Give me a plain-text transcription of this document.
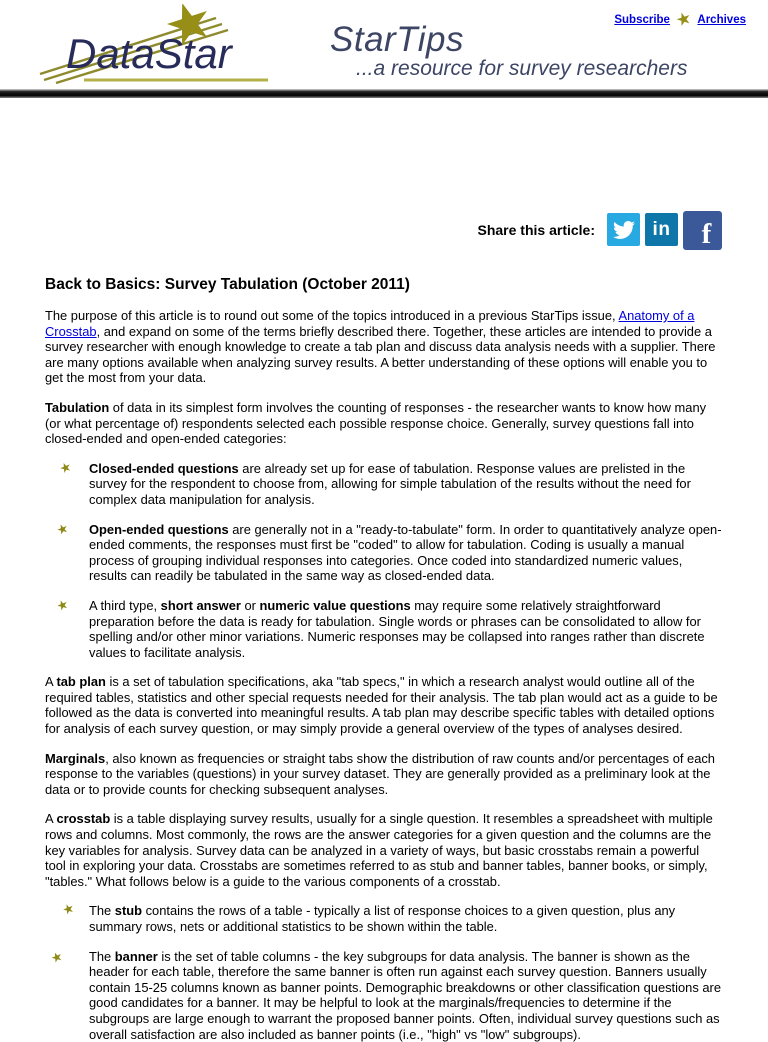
Subscribe ★ Archives
DataStar	StarTips
...a resource for survey researchers
Share this article:	in f
Back to Basics: Survey Tabulation (October 2011)

The purpose of this article is to round out some of the topics introduced in a previous StarTips issue, Anatomy of a Crosstab, and expand on some of the terms briefly described there. Together, these articles are intended to provide a survey researcher with enough knowledge to create a tab plan and discuss data analysis needs with a supplier. There are many options available when analyzing survey results. A better understanding of these options will enable you to get the most from your data.

Tabulation of data in its simplest form involves the counting of responses - the researcher wants to know how many (or what percentage of) respondents selected each possible response choice. Generally, survey questions fall into closed-ended and open-ended categories:

★	Closed-ended questions are already set up for ease of tabulation. Response values are prelisted in the survey for the respondent to choose from, allowing for simple tabulation of the results without the need for complex data manipulation for analysis.
★	Open-ended questions are generally not in a "ready-to-tabulate" form. In order to quantitatively analyze open-ended comments, the responses must first be "coded" to allow for tabulation. Coding is usually a manual process of grouping individual responses into categories. Once coded into standardized numeric values, results can readily be tabulated in the same way as closed-ended data.
★	A third type, short answer or numeric value questions may require some relatively straightforward preparation before the data is ready for tabulation. Single words or phrases can be consolidated to allow for spelling and/or other minor variations. Numeric responses may be collapsed into ranges rather than discrete values to facilitate analysis.

A tab plan is a set of tabulation specifications, aka "tab specs," in which a research analyst would outline all of the required tables, statistics and other special requests needed for their analysis. The tab plan would act as a guide to be followed as the data is converted into meaningful results. A tab plan may describe specific tables with detailed options for analysis of each survey question, or may simply provide a general overview of the types of analyses desired.

Marginals, also known as frequencies or straight tabs show the distribution of raw counts and/or percentages of each response to the variables (questions) in your survey dataset. They are generally provided as a preliminary look at the data or to provide counts for checking subsequent analyses.

A crosstab is a table displaying survey results, usually for a single question. It resembles a spreadsheet with multiple rows and columns. Most commonly, the rows are the answer categories for a given question and the columns are the key variables for analysis. Survey data can be analyzed in a variety of ways, but basic crosstabs remain a powerful tool in exploring your data. Crosstabs are sometimes referred to as stub and banner tables, banner books, or simply, "tables." What follows below is a guide to the various components of a crosstab.

★ The stub contains the rows of a table - typically a list of response choices to a given question, plus any summary rows, nets or additional statistics to be shown within the table.
★	The banner is the set of table columns - the key subgroups for data analysis. The banner is shown as the header for each table, therefore the same banner is often run against each survey question. Banners usually contain 15-25 columns known as banner points. Demographic breakdowns or other classification questions are good candidates for a banner. It may be helpful to look at the marginals/frequencies to determine if the subgroups are large enough to warrant the proposed banner points. Often, individual survey questions such as overall satisfaction are also included as banner points (i.e., "high" vs "low" subgroups).
